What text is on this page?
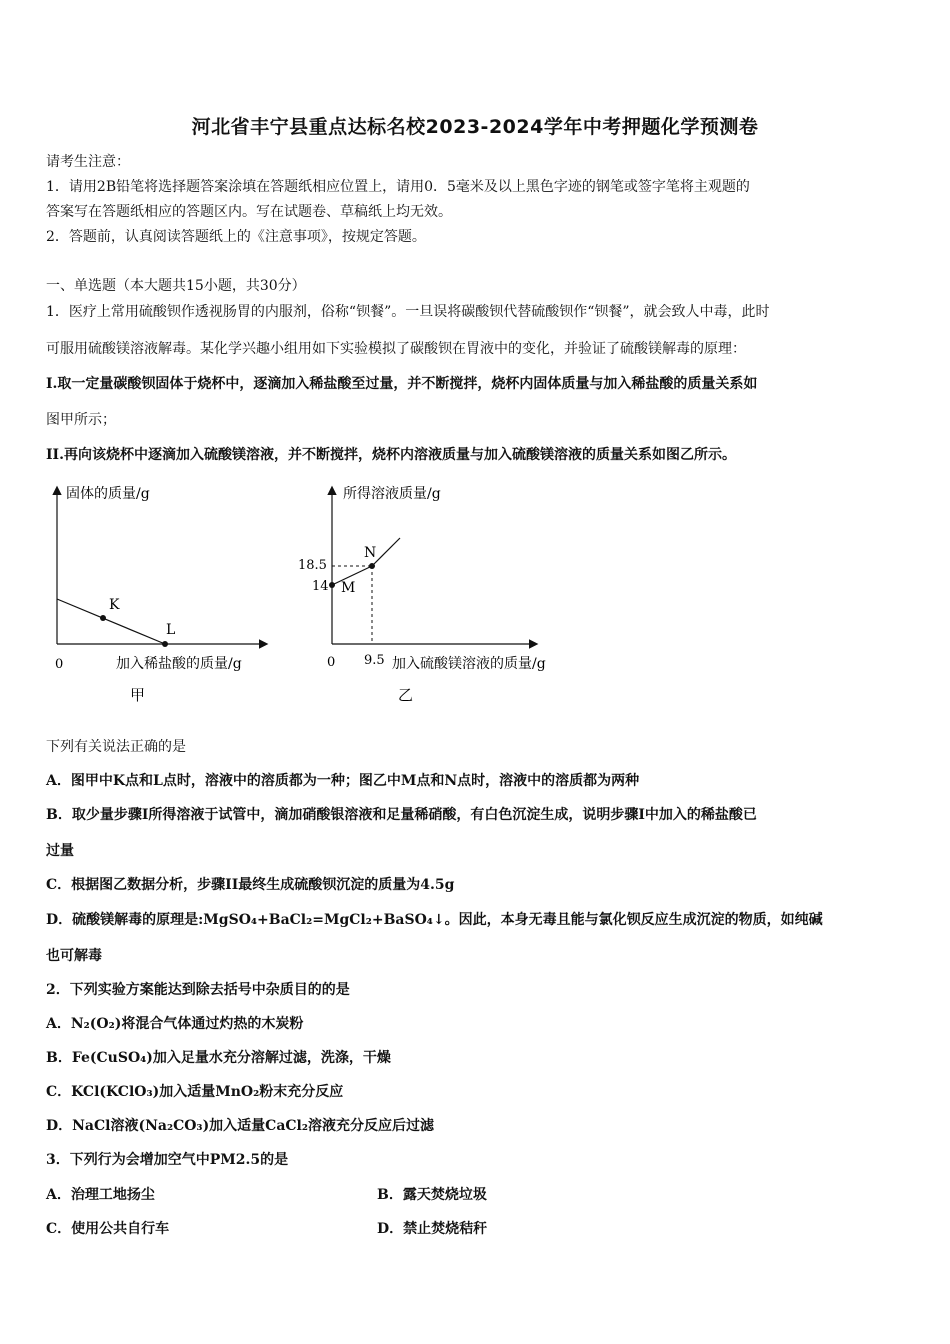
河北省丰宁县重点达标名校2023-2024学年中考押题化学预测卷
请考生注意：
1．请用2B铅笔将选择题答案涂填在答题纸相应位置上，请用0．5毫米及以上黑色字迹的钢笔或签字笔将主观题的
答案写在答题纸相应的答题区内。写在试题卷、草稿纸上均无效。
2．答题前，认真阅读答题纸上的《注意事项》，按规定答题。
一、单选题（本大题共15小题，共30分）
1．医疗上常用硫酸钡作透视肠胃的内服剂，俗称“钡餐”。一旦误将碳酸钡代替硫酸钡作“钡餐”，就会致人中毒，此时
可服用硫酸镁溶液解毒。某化学兴趣小组用如下实验模拟了碳酸钡在胃液中的变化，并验证了硫酸镁解毒的原理：
I.取一定量碳酸钡固体于烧杯中，逐滴加入稀盐酸至过量，并不断搅拌，烧杯内固体质量与加入稀盐酸的质量关系如
图甲所示；
II.再向该烧杯中逐滴加入硫酸镁溶液，并不断搅拌，烧杯内溶液质量与加入硫酸镁溶液的质量关系如图乙所示。
固体的质量/g
加入稀盐酸的质量/g
0
K
L
甲
所得溶液质量/g
加入硫酸镁溶液的质量/g
0 9.5
18.5
14 M
N
乙
下列有关说法正确的是
A．图甲中K点和L点时，溶液中的溶质都为一种；图乙中M点和N点时，溶液中的溶质都为两种
B．取少量步骤I所得溶液于试管中，滴加硝酸银溶液和足量稀硝酸，有白色沉淀生成，说明步骤I中加入的稀盐酸已
过量
C．根据图乙数据分析，步骤II最终生成硫酸钡沉淀的质量为4.5g
D．硫酸镁解毒的原理是:MgSO₄+BaCl₂=MgCl₂+BaSO₄↓。因此，本身无毒且能与氯化钡反应生成沉淀的物质，如纯碱
也可解毒
2．下列实验方案能达到除去括号中杂质目的的是
A．N₂(O₂)将混合气体通过灼热的木炭粉
B．Fe(CuSO₄)加入足量水充分溶解过滤，洗涤，干燥
C．KCl(KClO₃)加入适量MnO₂粉末充分反应
D．NaCl溶液(Na₂CO₃)加入适量CaCl₂溶液充分反应后过滤
3．下列行为会增加空气中PM2.5的是
A．治理工地扬尘	B．露天焚烧垃圾
C．使用公共自行车	D．禁止焚烧秸秆
